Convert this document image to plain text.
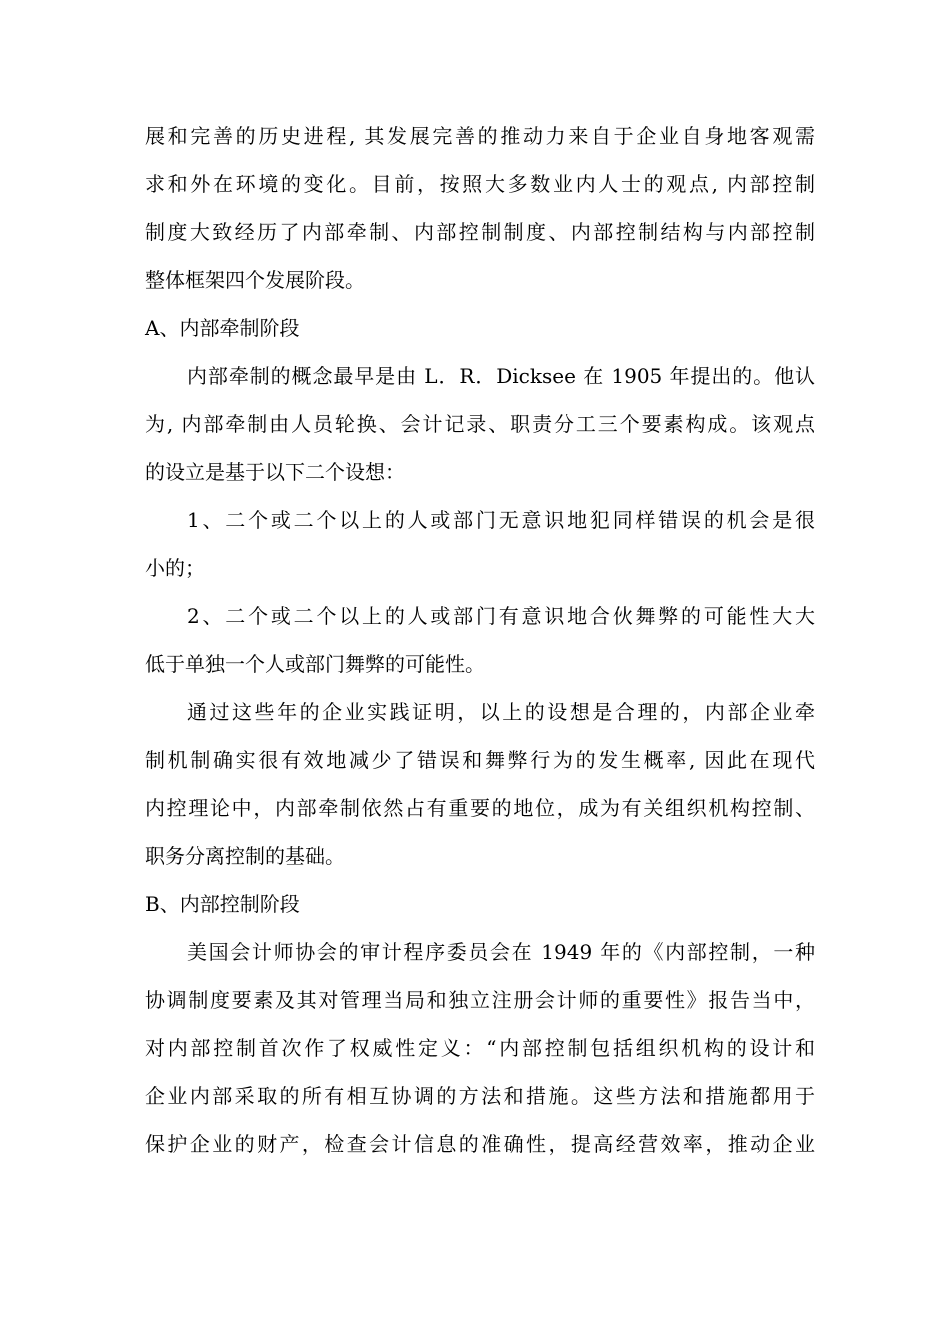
展和完善的历史进程, 其发展完善的推动力来自于企业自身地客观需
求和外在环境的变化。目前，按照大多数业内人士的观点, 内部控制
制度大致经历了内部牵制、内部控制制度、内部控制结构与内部控制
整体框架四个发展阶段。
A、内部牵制阶段
内部牵制的概念最早是由 L．R．Dicksee 在 1905 年提出的。他认
为, 内部牵制由人员轮换、会计记录、职责分工三个要素构成。该观点
的设立是基于以下二个设想：
1、二个或二个以上的人或部门无意识地犯同样错误的机会是很
小的；
2、二个或二个以上的人或部门有意识地合伙舞弊的可能性大大
低于单独一个人或部门舞弊的可能性。
通过这些年的企业实践证明，以上的设想是合理的，内部企业牵
制机制确实很有效地减少了错误和舞弊行为的发生概率, 因此在现代
内控理论中，内部牵制依然占有重要的地位，成为有关组织机构控制、
职务分离控制的基础。
B、内部控制阶段
美国会计师协会的审计程序委员会在 1949 年的《内部控制，一种
协调制度要素及其对管理当局和独立注册会计师的重要性》报告当中，
对内部控制首次作了权威性定义：“内部控制包括组织机构的设计和
企业内部采取的所有相互协调的方法和措施。这些方法和措施都用于
保护企业的财产，检查会计信息的准确性，提高经营效率，推动企业
